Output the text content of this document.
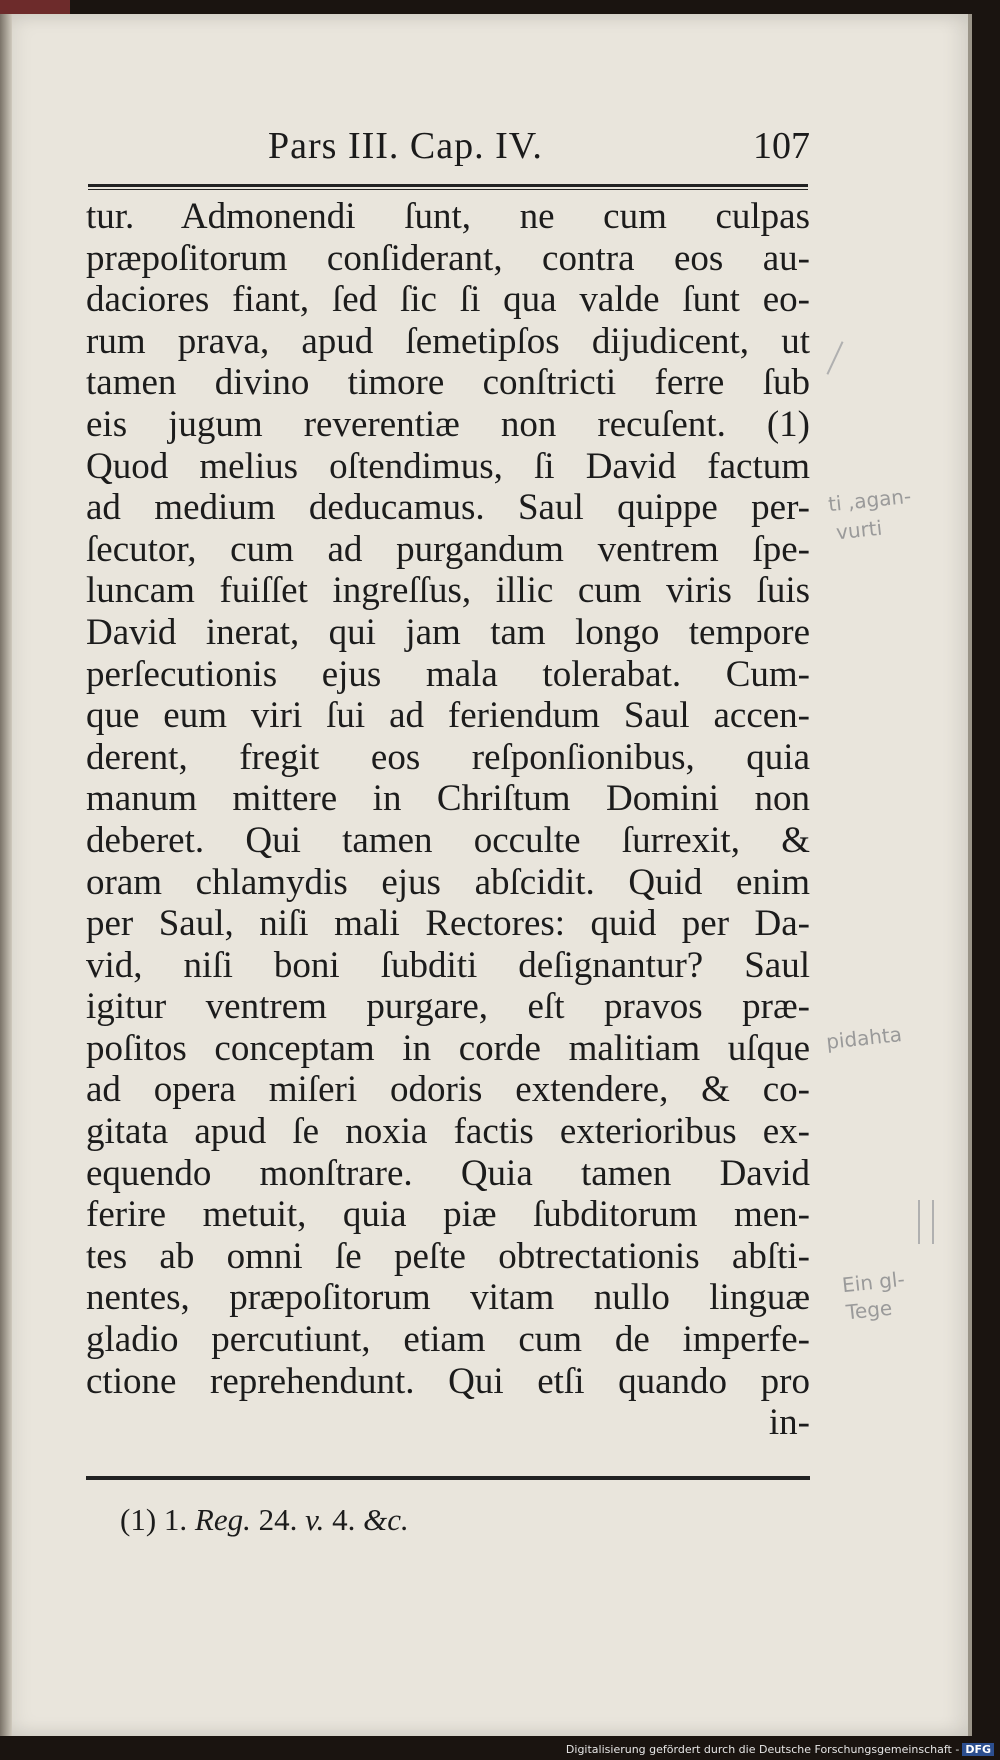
Pars III. Cap. IV.	107
tur. Admonendi ſunt, ne cum culpas
præpoſitorum conſiderant, contra eos au-
daciores fiant, ſed ſic ſi qua valde ſunt eo-
rum prava, apud ſemetipſos dijudicent, ut
tamen divino timore conſtricti ferre ſub
eis jugum reverentiæ non recuſent. (1)
Quod melius oſtendimus, ſi David factum
ad medium deducamus. Saul quippe per-
ſecutor, cum ad purgandum ventrem ſpe-
luncam fuiſſet ingreſſus, illic cum viris ſuis
David inerat, qui jam tam longo tempore
perſecutionis ejus mala tolerabat. Cum-
que eum viri ſui ad feriendum Saul accen-
derent, fregit eos reſponſionibus, quia
manum mittere in Chriſtum Domini non
deberet. Qui tamen occulte ſurrexit, &
oram chlamydis ejus abſcidit. Quid enim
per Saul, niſi mali Rectores: quid per Da-
vid, niſi boni ſubditi deſignantur? Saul
igitur ventrem purgare, eſt pravos præ-
poſitos conceptam in corde malitiam uſque
ad opera miſeri odoris extendere, & co-
gitata apud ſe noxia factis exterioribus ex-
equendo monſtrare. Quia tamen David
ferire metuit, quia piæ ſubditorum men-
tes ab omni ſe peſte obtrectationis abſti-
nentes, præpoſitorum vitam nullo linguæ
gladio percutiunt, etiam cum de imperfe-
ctione reprehendunt. Qui etſi quando pro
in-
(1) 1. Reg. 24. v. 4. &c.
ti ,agan-
vurti
pidahta
Ein gl-
Tege
Digitalisierung gefördert durch die Deutsche Forschungsgemeinschaft - DFG
